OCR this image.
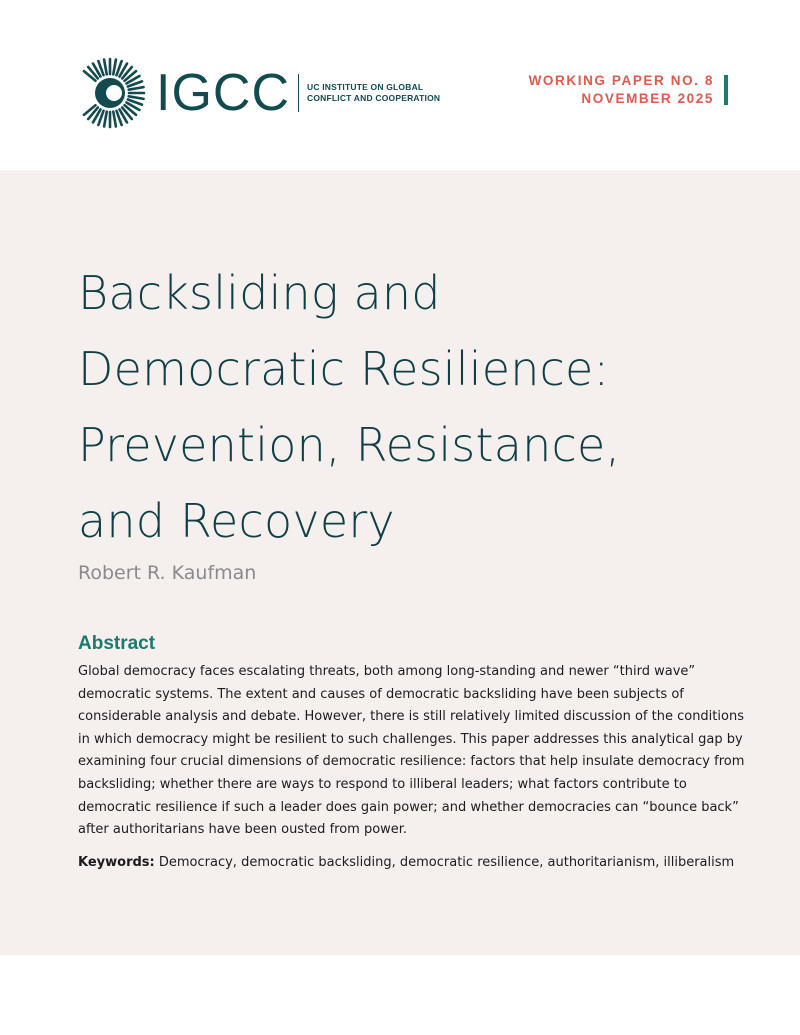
IGCC UC INSTITUTE ON GLOBAL
CONFLICT AND COOPERATION
WORKING PAPER NO. 8
NOVEMBER 2025
Backsliding and
Democratic Resilience:
Prevention, Resistance,
and Recovery
Robert R. Kaufman
Abstract

Global democracy faces escalating threats, both among long-standing and newer “third wave”
democratic systems. The extent and causes of democratic backsliding have been subjects of
considerable analysis and debate. However, there is still relatively limited discussion of the conditions
in which democracy might be resilient to such challenges. This paper addresses this analytical gap by
examining four crucial dimensions of democratic resilience: factors that help insulate democracy from
backsliding; whether there are ways to respond to illiberal leaders; what factors contribute to
democratic resilience if such a leader does gain power; and whether democracies can “bounce back”
after authoritarians have been ousted from power.

Keywords: Democracy, democratic backsliding, democratic resilience, authoritarianism, illiberalism
